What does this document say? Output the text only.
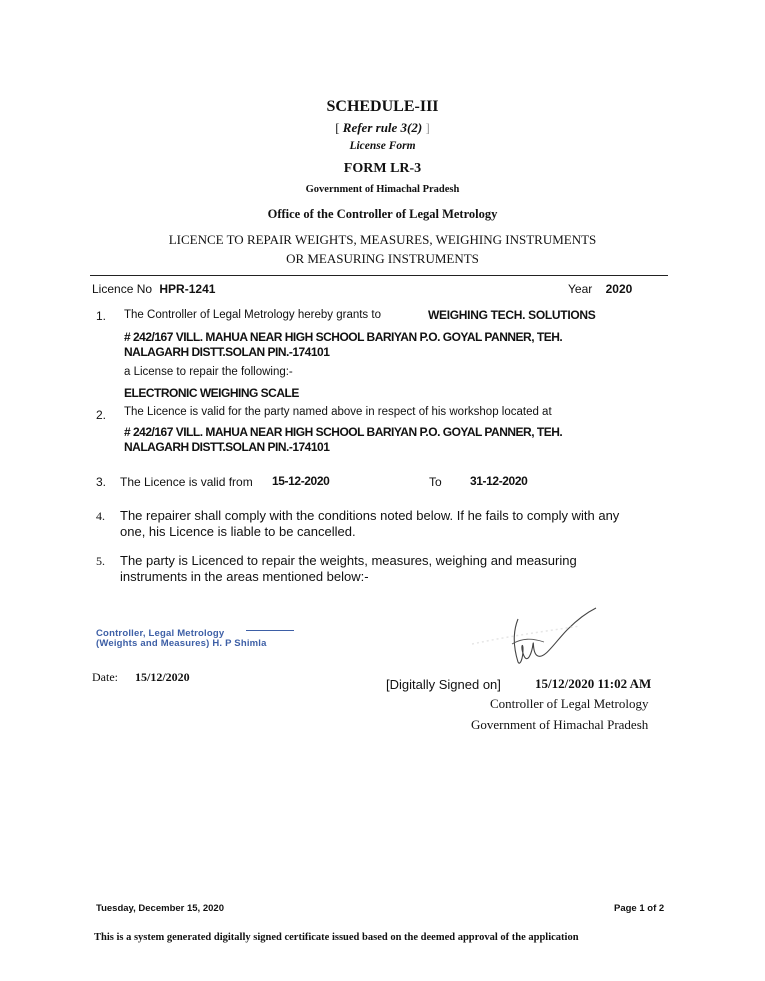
SCHEDULE-III
[ Refer rule 3(2) ]
License Form
FORM LR-3
Government of Himachal Pradesh
Office of the Controller of Legal Metrology
LICENCE TO REPAIR WEIGHTS, MEASURES, WEIGHING INSTRUMENTS
OR MEASURING INSTRUMENTS
Licence No HPR-1241	Year 2020
1. The Controller of Legal Metrology hereby grants to	WEIGHING TECH. SOLUTIONS
# 242/167 VILL. MAHUA NEAR HIGH SCHOOL BARIYAN P.O. GOYAL PANNER, TEH.
NALAGARH DISTT.SOLAN PIN.-174101
a License to repair the following:-
ELECTRONIC WEIGHING SCALE
The Licence is valid for the party named above in respect of his workshop located at
2.
# 242/167 VILL. MAHUA NEAR HIGH SCHOOL BARIYAN P.O. GOYAL PANNER, TEH.
NALAGARH DISTT.SOLAN PIN.-174101
3. The Licence is valid from 15-12-2020	To 31-12-2020
4. The repairer shall comply with the conditions noted below. If he fails to comply with any
one, his Licence is liable to be cancelled.
5. The party is Licenced to repair the weights, measures, weighing and measuring
instruments in the areas mentioned below:-
Controller, Legal Metrology
(Weights and Measures) H. P Shimla
Date: 15/12/2020	[Digitally Signed on]	15/12/2020 11:02 AM
Controller of Legal Metrology
Government of Himachal Pradesh
Tuesday, December 15, 2020	Page 1 of 2
This is a system generated digitally signed certificate issued based on the deemed approval of the application
